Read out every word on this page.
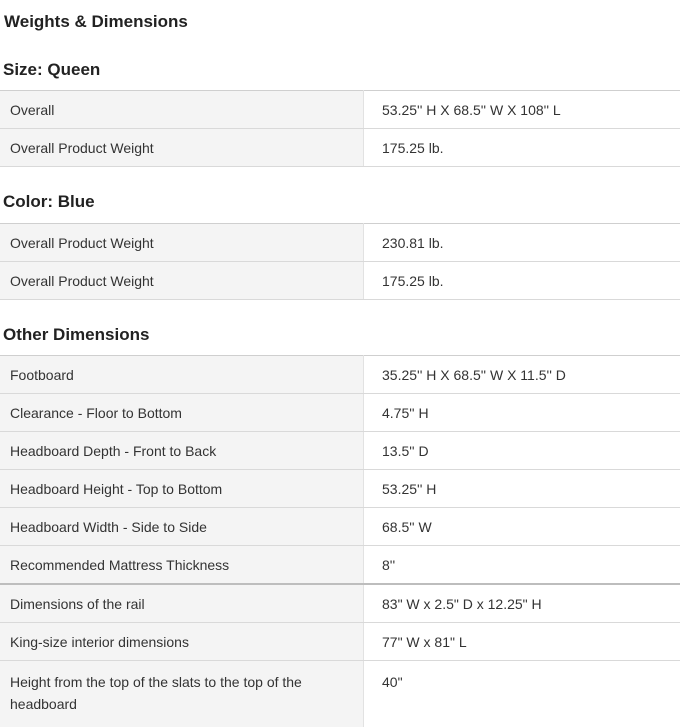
Weights & Dimensions
Size: Queen
Overall	53.25'' H X 68.5'' W X 108'' L
Overall Product Weight	175.25 lb.
Color: Blue
Overall Product Weight	230.81 lb.
Overall Product Weight	175.25 lb.
Other Dimensions
Footboard	35.25'' H X 68.5'' W X 11.5'' D
Clearance - Floor to Bottom	4.75'' H
Headboard Depth - Front to Back	13.5'' D
Headboard Height - Top to Bottom	53.25'' H
Headboard Width - Side to Side	68.5'' W
Recommended Mattress Thickness	8''
Dimensions of the rail	83" W x 2.5" D x 12.25" H
King-size interior dimensions	77" W x 81" L
Height from the top of the slats to the top of the headboard	40"
